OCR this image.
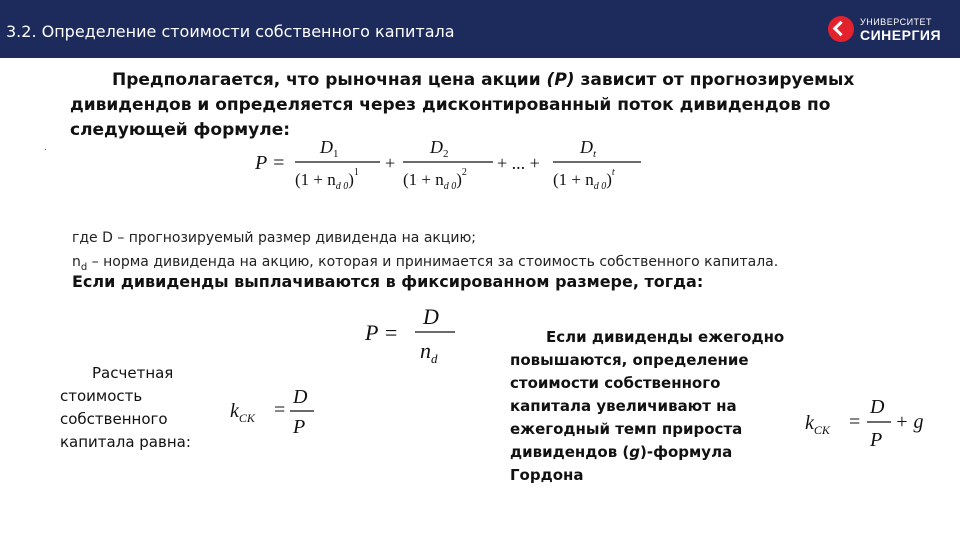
3.2. Определение стоимости собственного капитала	УНИВЕРСИТЕТ
СИНЕРГИЯ
Предполагается, что рыночная цена акции (P) зависит от прогнозируемых дивидендов и определяется через дисконтированный поток дивидендов по следующей формуле:
.
P =
$D_1$
$(1 + n_{d 0})^1$ +
$D_2$
$(1 + n_{d 0})^2$ + ... +
$D_t$
$(1 + n_{d 0})^t$
где D – прогнозируемый размер дивиденда на акцию;
$n_d$ – норма дивиденда на акцию, которая и принимается за стоимость собственного капитала.
Если дивиденды выплачиваются в фиксированном размере, тогда:
P =
D
$n_d$
Расчетная стоимость собственного капитала равна:
$k_{СК}$ =
D
P
Если дивиденды ежегодно повышаются, определение стоимости собственного капитала увеличивают на ежегодный темп прироста дивидендов (g)-формула Гордона
$k_{СК}$ =
D
P
+ g
